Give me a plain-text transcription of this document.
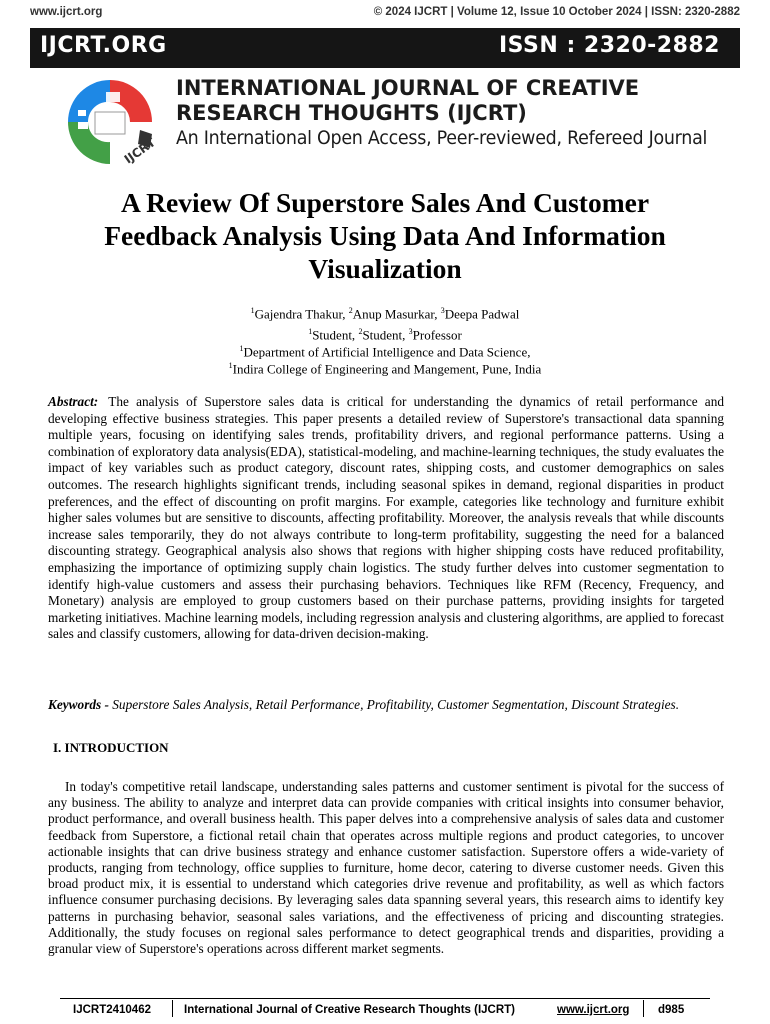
www.ijcrt.org	© 2024 IJCRT | Volume 12, Issue 10 October 2024 | ISSN: 2320-2882
IJCRT.ORG	ISSN : 2320-2882
IJCRT
INTERNATIONAL JOURNAL OF CREATIVE
RESEARCH THOUGHTS (IJCRT)
An International Open Access, Peer-reviewed, Refereed Journal
A Review Of Superstore Sales And Customer
Feedback Analysis Using Data And Information
Visualization
$^1$Gajendra Thakur, $^2$Anup Masurkar, $^3$Deepa Padwal
$^1$Student, $^2$Student, $^3$Professor
$^1$Department of Artificial Intelligence and Data Science,
$^1$Indira College of Engineering and Mangement, Pune, India
Abstract: The analysis of Superstore sales data is critical for understanding the dynamics of retail performance and developing effective business strategies. This paper presents a detailed review of Superstore's transactional data spanning multiple years, focusing on identifying sales trends, profitability drivers, and regional performance patterns. Using a combination of exploratory data analysis(EDA), statistical-modeling, and machine-learning techniques, the study evaluates the impact of key variables such as product category, discount rates, shipping costs, and customer demographics on sales outcomes. The research highlights significant trends, including seasonal spikes in demand, regional disparities in product preferences, and the effect of discounting on profit margins. For example, categories like technology and furniture exhibit higher sales volumes but are sensitive to discounts, affecting profitability. Moreover, the analysis reveals that while discounts increase sales temporarily, they do not always contribute to long-term profitability, suggesting the need for a balanced discounting strategy. Geographical analysis also shows that regions with higher shipping costs have reduced profitability, emphasizing the importance of optimizing supply chain logistics. The study further delves into customer segmentation to identify high-value customers and assess their purchasing behaviors. Techniques like RFM (Recency, Frequency, and Monetary) analysis are employed to group customers based on their purchase patterns, providing insights for targeted marketing initiatives. Machine learning models, including regression analysis and clustering algorithms, are applied to forecast sales and classify customers, allowing for data-driven decision-making.
Keywords - Superstore Sales Analysis, Retail Performance, Profitability, Customer Segmentation, Discount Strategies.
I. INTRODUCTION
In today's competitive retail landscape, understanding sales patterns and customer sentiment is pivotal for the success of any business. The ability to analyze and interpret data can provide companies with critical insights into consumer behavior, product performance, and overall business health. This paper delves into a comprehensive analysis of sales data and customer feedback from Superstore, a fictional retail chain that operates across multiple regions and product categories, to uncover actionable insights that can drive business strategy and enhance customer satisfaction. Superstore offers a wide-variety of products, ranging from technology, office supplies to furniture, home decor, catering to diverse customer needs. Given this broad product mix, it is essential to understand which categories drive revenue and profitability, as well as which factors influence consumer purchasing decisions. By leveraging sales data spanning several years, this research aims to identify key patterns in purchasing behavior, seasonal sales variations, and the effectiveness of pricing and discounting strategies. Additionally, the study focuses on regional sales performance to detect geographical trends and disparities, providing a granular view of Superstore's operations across different market segments.
IJCRT2410462	International Journal of Creative Research Thoughts (IJCRT)	www.ijcrt.org d985
